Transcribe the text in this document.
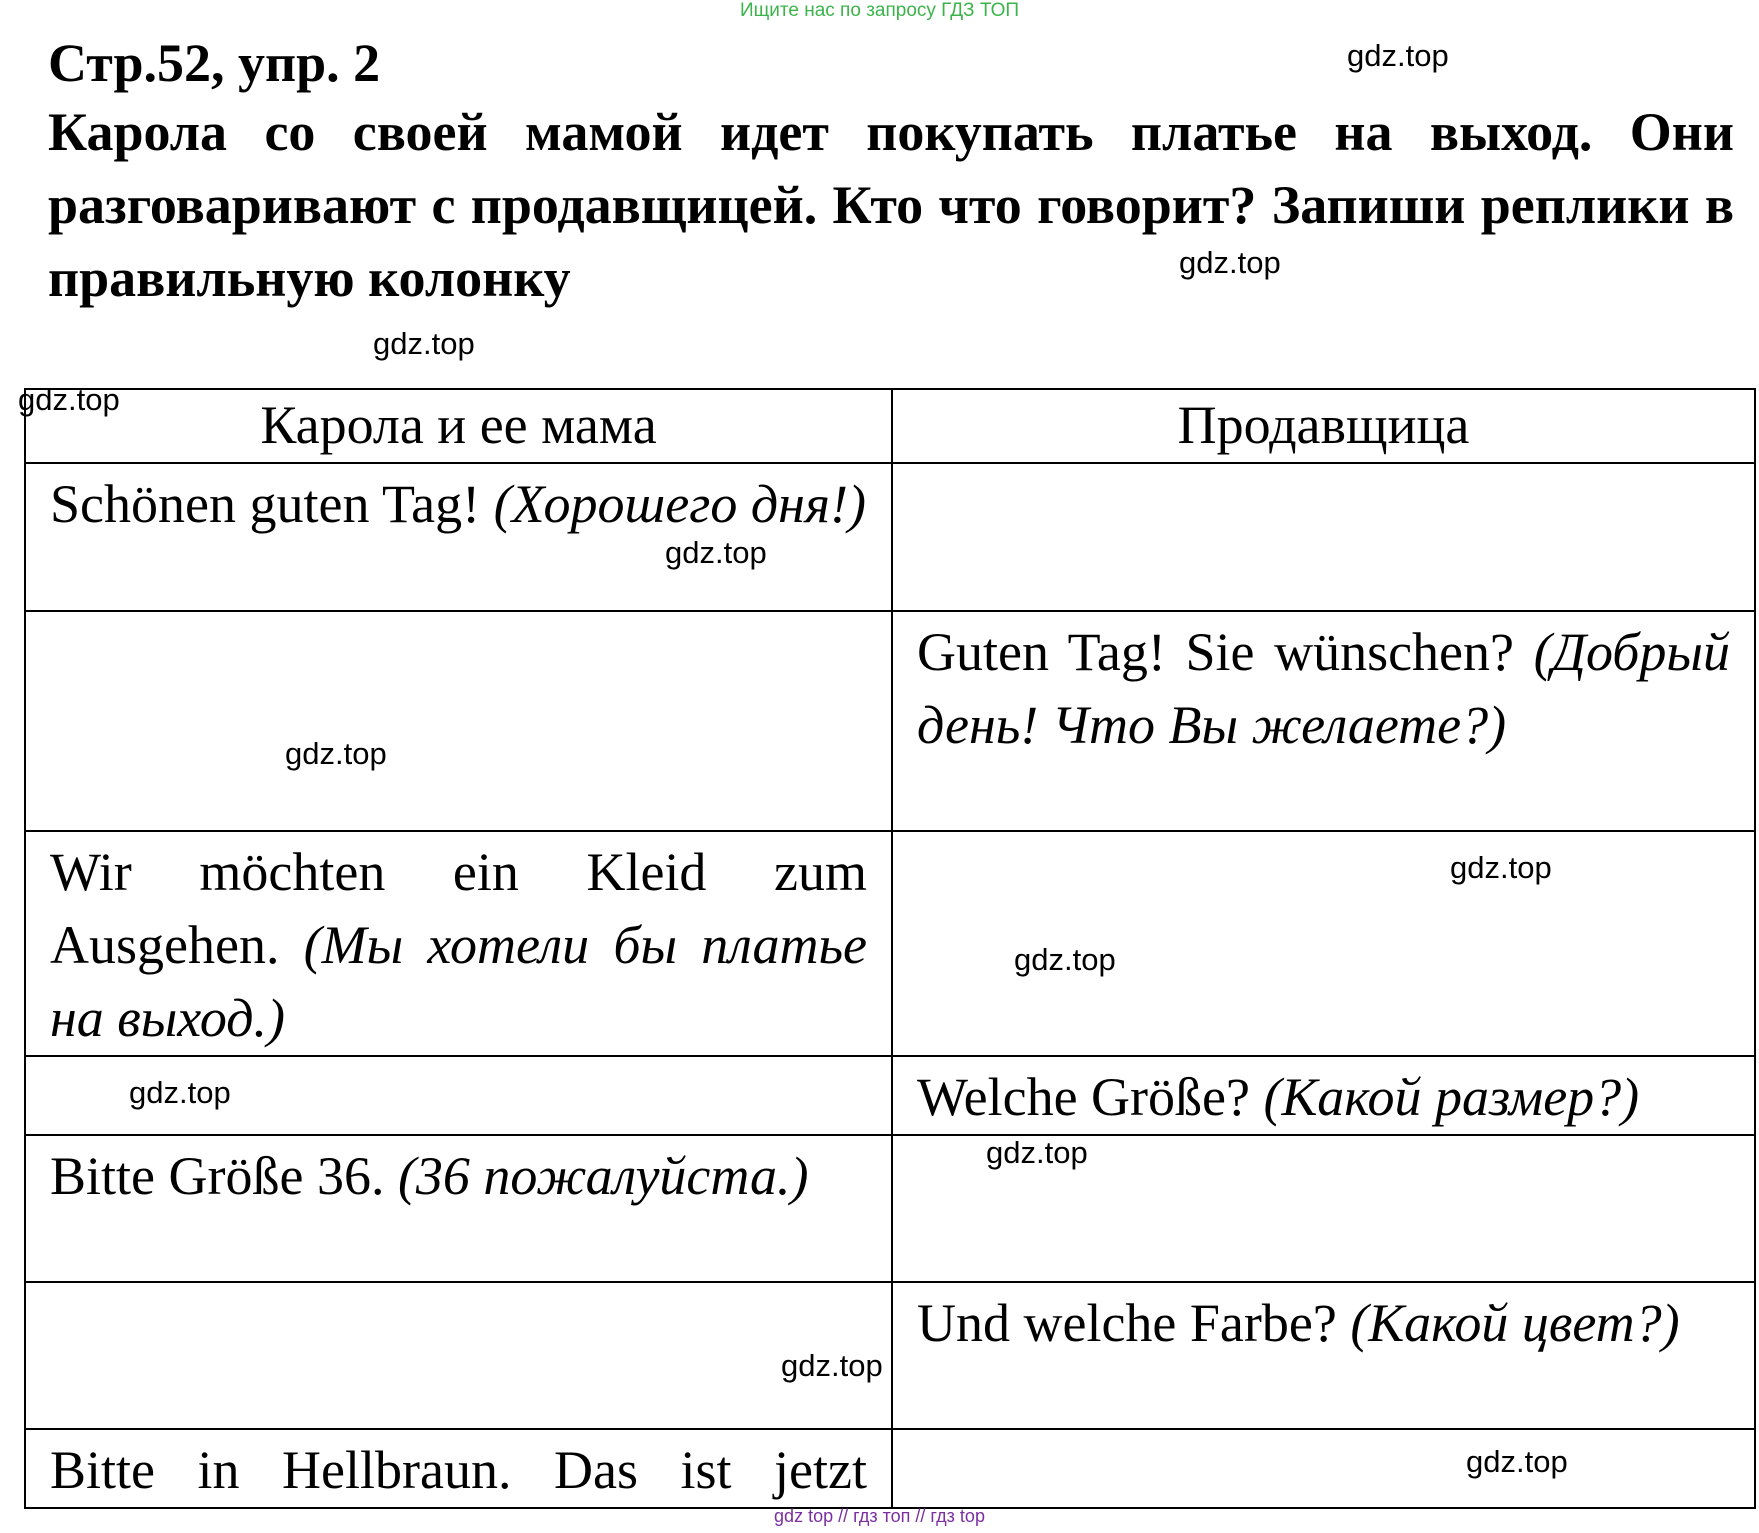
Ищите нас по запросу ГДЗ ТОП
Стр.52, упр. 2

Карола со своей мамой идет покупать платье на выход. Они разговаривают с продавщицей. Кто что говорит? Запиши реплики в правильную колонку

gdz.top
gdz.top
gdz.top
gdz.top	Карола и ее мама	Продавщица

Schönen guten Tag! (Хорошего дня!)	

	Guten Tag! Sie wünschen? (Добрый день! Что Вы желаете?)

Wir möchten ein Kleid zum Ausgehen. (Мы хотели бы платье на выход.)	

	Welche Größe? (Какой размер?)

Bitte Größe 36. (36 пожалуйста.)	

	Und welche Farbe? (Какой цвет?)

Bitte in Hellbraun. Das ist jetzt	

gdz.top
gdz.top
gdz.top
gdz.top
gdz.top
gdz.top
gdz.top
gdz.top
gdz top // гдз топ // гдз top
